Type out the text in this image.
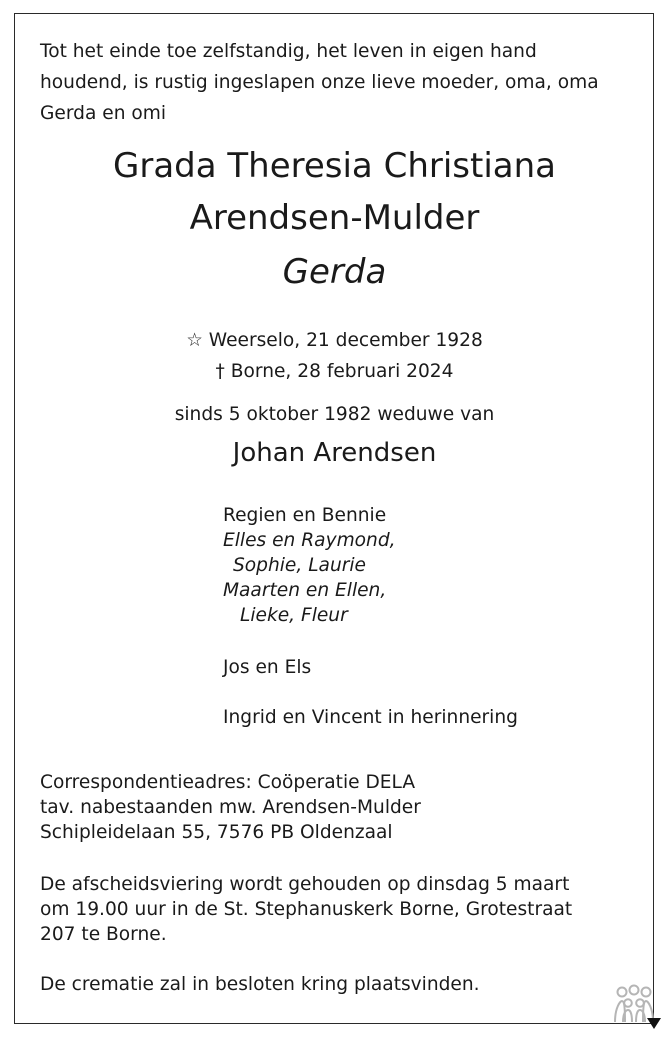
Tot het einde toe zelfstandig, het leven in eigen hand houdend, is rustig ingeslapen onze lieve moeder, oma, oma Gerda en omi

Grada Theresia Christiana
Arendsen-Mulder
Gerda
☆ Weerselo, 21 december 1928
† Borne, 28 februari 2024
sinds 5 oktober 1982 weduwe van
Johan Arendsen
Regien en Bennie
Elles en Raymond,
Sophie, Laurie
Maarten en Ellen,
Lieke, Fleur
Jos en Els
Ingrid en Vincent in herinnering
Correspondentieadres: Coöperatie DELA
tav. nabestaanden mw. Arendsen-Mulder
Schipleidelaan 55, 7576 PB Oldenzaal
De afscheidsviering wordt gehouden op dinsdag 5 maart
om 19.00 uur in de St. Stephanuskerk Borne, Grotestraat
207 te Borne.
De crematie zal in besloten kring plaatsvinden.
